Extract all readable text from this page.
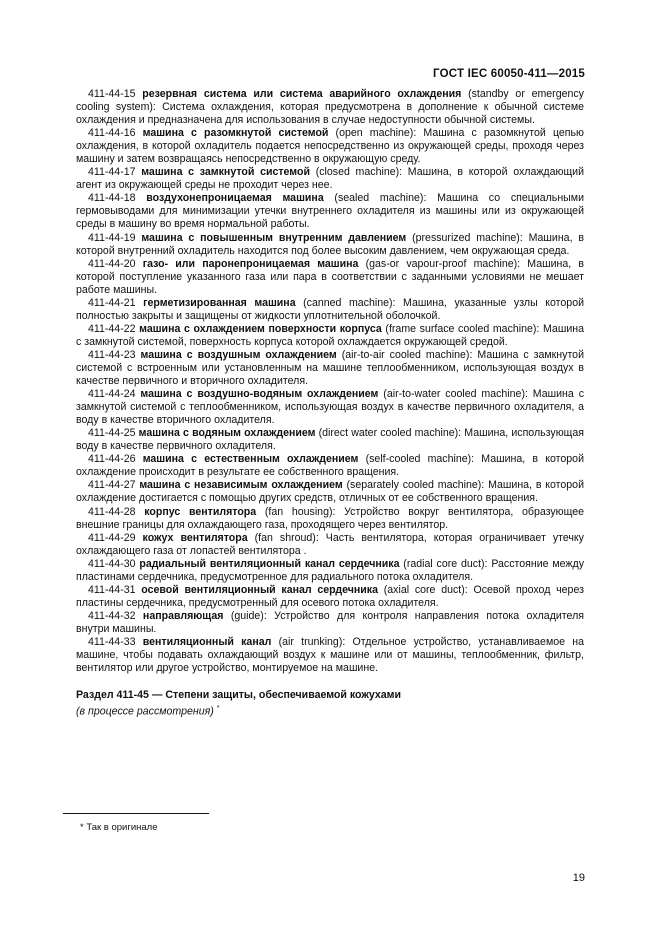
ГОСТ IEC 60050-411—2015

411-44-15 резервная система или система аварийного охлаждения (standby or emergency cooling system): Система охлаждения, которая предусмотрена в дополнение к обычной системе охлаждения и предназначена для использования в случае недоступности обычной системы.

411-44-16 машина с разомкнутой системой (open machine): Машина с разомкнутой цепью охлаждения, в которой охладитель подается непосредственно из окружающей среды, проходя через машину и затем возвращаясь непосредственно в окружающую среду.

411-44-17 машина с замкнутой системой (closed machine): Машина, в которой охлаждающий агент из окружающей среды не проходит через нее.

411-44-18 воздухонепроницаемая машина (sealed machine): Машина со специальными гермовыводами для минимизации утечки внутреннего охладителя из машины или из окружающей среды в машину во время нормальной работы.

411-44-19 машина с повышенным внутренним давлением (pressurized machine): Машина, в которой внутренний охладитель находится под более высоким давлением, чем окружающая среда.

411-44-20 газо- или паронепроницаемая машина (gas-or vapour-proof machine): Машина, в которой поступление указанного газа или пара в соответствии с заданными условиями не мешает работе машины.

411-44-21 герметизированная машина (canned machine): Машина, указанные узлы которой полностью закрыты и защищены от жидкости уплотнительной оболочкой.

411-44-22 машина с охлаждением поверхности корпуса (frame surface cooled machine): Машина с замкнутой системой, поверхность корпуса которой охлаждается окружающей средой.

411-44-23 машина с воздушным охлаждением (air-to-air cooled machine): Машина с замкнутой системой с встроенным или установленным на машине теплообменником, использующая воздух в качестве первичного и вторичного охладителя.

411-44-24 машина с воздушно-водяным охлаждением (air-to-water cooled machine): Машина с замкнутой системой с теплообменником, использующая воздух в качестве первичного охладителя, а воду в качестве вторичного охладителя.

411-44-25 машина с водяным охлаждением (direct water cooled machine): Машина, использующая воду в качестве первичного охладителя.

411-44-26 машина с естественным охлаждением (self-cooled machine): Машина, в которой охлаждение происходит в результате ее собственного вращения.

411-44-27 машина с независимым охлаждением (separately cooled machine): Машина, в которой охлаждение достигается с помощью других средств, отличных от ее собственного вращения.

411-44-28 корпус вентилятора (fan housing): Устройство вокруг вентилятора, образующее внешние границы для охлаждающего газа, проходящего через вентилятор.

411-44-29 кожух вентилятора (fan shroud): Часть вентилятора, которая ограничивает утечку охлаждающего газа от лопастей вентилятора .

411-44-30 радиальный вентиляционный канал сердечника (radial core duct): Расстояние между пластинами сердечника, предусмотренное для радиального потока охладителя.

411-44-31 осевой вентиляционный канал сердечника (axial core duct): Осевой проход через пластины сердечника, предусмотренный для осевого потока охладителя.

411-44-32 направляющая (guide): Устройство для контроля направления потока охладителя внутри машины.

411-44-33 вентиляционный канал (air trunking): Отдельное устройство, устанавливаемое на машине, чтобы подавать охлаждающий воздух к машине или от машины, теплообменник, фильтр, вентилятор или другое устройство, монтируемое на машине.

Раздел 411-45 — Степени защиты, обеспечиваемой кожухами
(в процессе рассмотрения) *
* Так в оригинале
19
